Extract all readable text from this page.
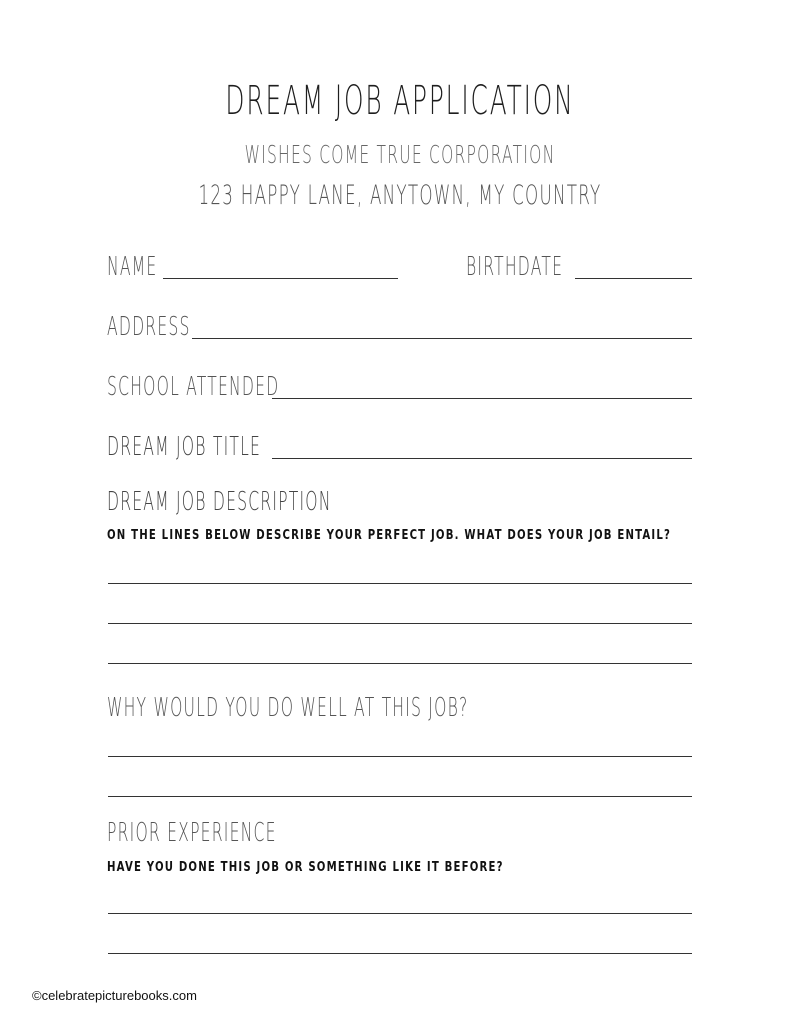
DREAM JOB APPLICATION
WISHES COME TRUE CORPORATION
123 HAPPY LANE, ANYTOWN, MY COUNTRY
NAME	BIRTHDATE
ADDRESS
SCHOOL ATTENDED
DREAM JOB TITLE
DREAM JOB DESCRIPTION
ON THE LINES BELOW DESCRIBE YOUR PERFECT JOB. WHAT DOES YOUR JOB ENTAIL?
WHY WOULD YOU DO WELL AT THIS JOB?
PRIOR EXPERIENCE
HAVE YOU DONE THIS JOB OR SOMETHING LIKE IT BEFORE?
©celebratepicturebooks.com
